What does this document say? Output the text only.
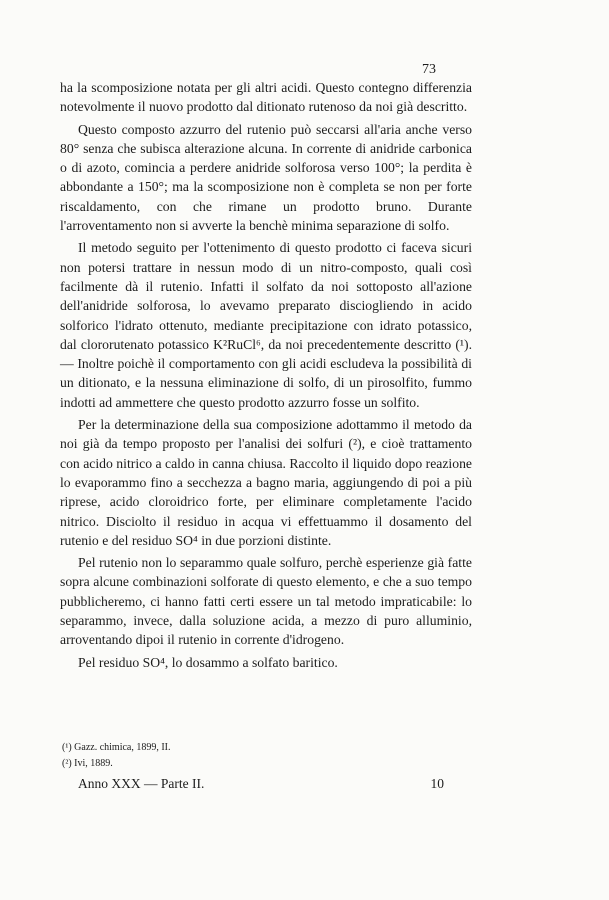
73

ha la scomposizione notata per gli altri acidi. Questo contegno differenzia notevolmente il nuovo prodotto dal ditionato rutenoso da noi già descritto.

Questo composto azzurro del rutenio può seccarsi all'aria anche verso 80° senza che subisca alterazione alcuna. In corrente di anidride carbonica o di azoto, comincia a perdere anidride solforosa verso 100°; la perdita è abbondante a 150°; ma la scomposizione non è completa se non per forte riscaldamento, con che rimane un prodotto bruno. Durante l'arroventamento non si avverte la benchè minima separazione di solfo.

Il metodo seguito per l'ottenimento di questo prodotto ci faceva sicuri non potersi trattare in nessun modo di un nitro-composto, quali così facilmente dà il rutenio. Infatti il solfato da noi sottoposto all'azione dell'anidride solforosa, lo avevamo preparato disciogliendo in acido solforico l'idrato ottenuto, mediante precipitazione con idrato potassico, dal clororutenato potassico K²RuCl⁶, da noi precedentemente descritto (¹). — Inoltre poichè il comportamento con gli acidi escludeva la possibilità di un ditionato, e la nessuna eliminazione di solfo, di un pirosolfito, fummo indotti ad ammettere che questo prodotto azzurro fosse un solfito.

Per la determinazione della sua composizione adottammo il metodo da noi già da tempo proposto per l'analisi dei solfuri (²), e cioè trattamento con acido nitrico a caldo in canna chiusa. Raccolto il liquido dopo reazione lo evaporammo fino a secchezza a bagno maria, aggiungendo di poi a più riprese, acido cloroidrico forte, per eliminare completamente l'acido nitrico. Disciolto il residuo in acqua vi effettuammo il dosamento del rutenio e del residuo SO⁴ in due porzioni distinte.

Pel rutenio non lo separammo quale solfuro, perchè esperienze già fatte sopra alcune combinazioni solforate di questo elemento, e che a suo tempo pubblicheremo, ci hanno fatti certi essere un tal metodo impraticabile: lo separammo, invece, dalla soluzione acida, a mezzo di puro alluminio, arroventando dipoi il rutenio in corrente d'idrogeno.

Pel residuo SO⁴, lo dosammo a solfato baritico.

(¹) Gazz. chimica, 1899, II.
(²) Ivi, 1889.
Anno XXX — Parte II.	10
